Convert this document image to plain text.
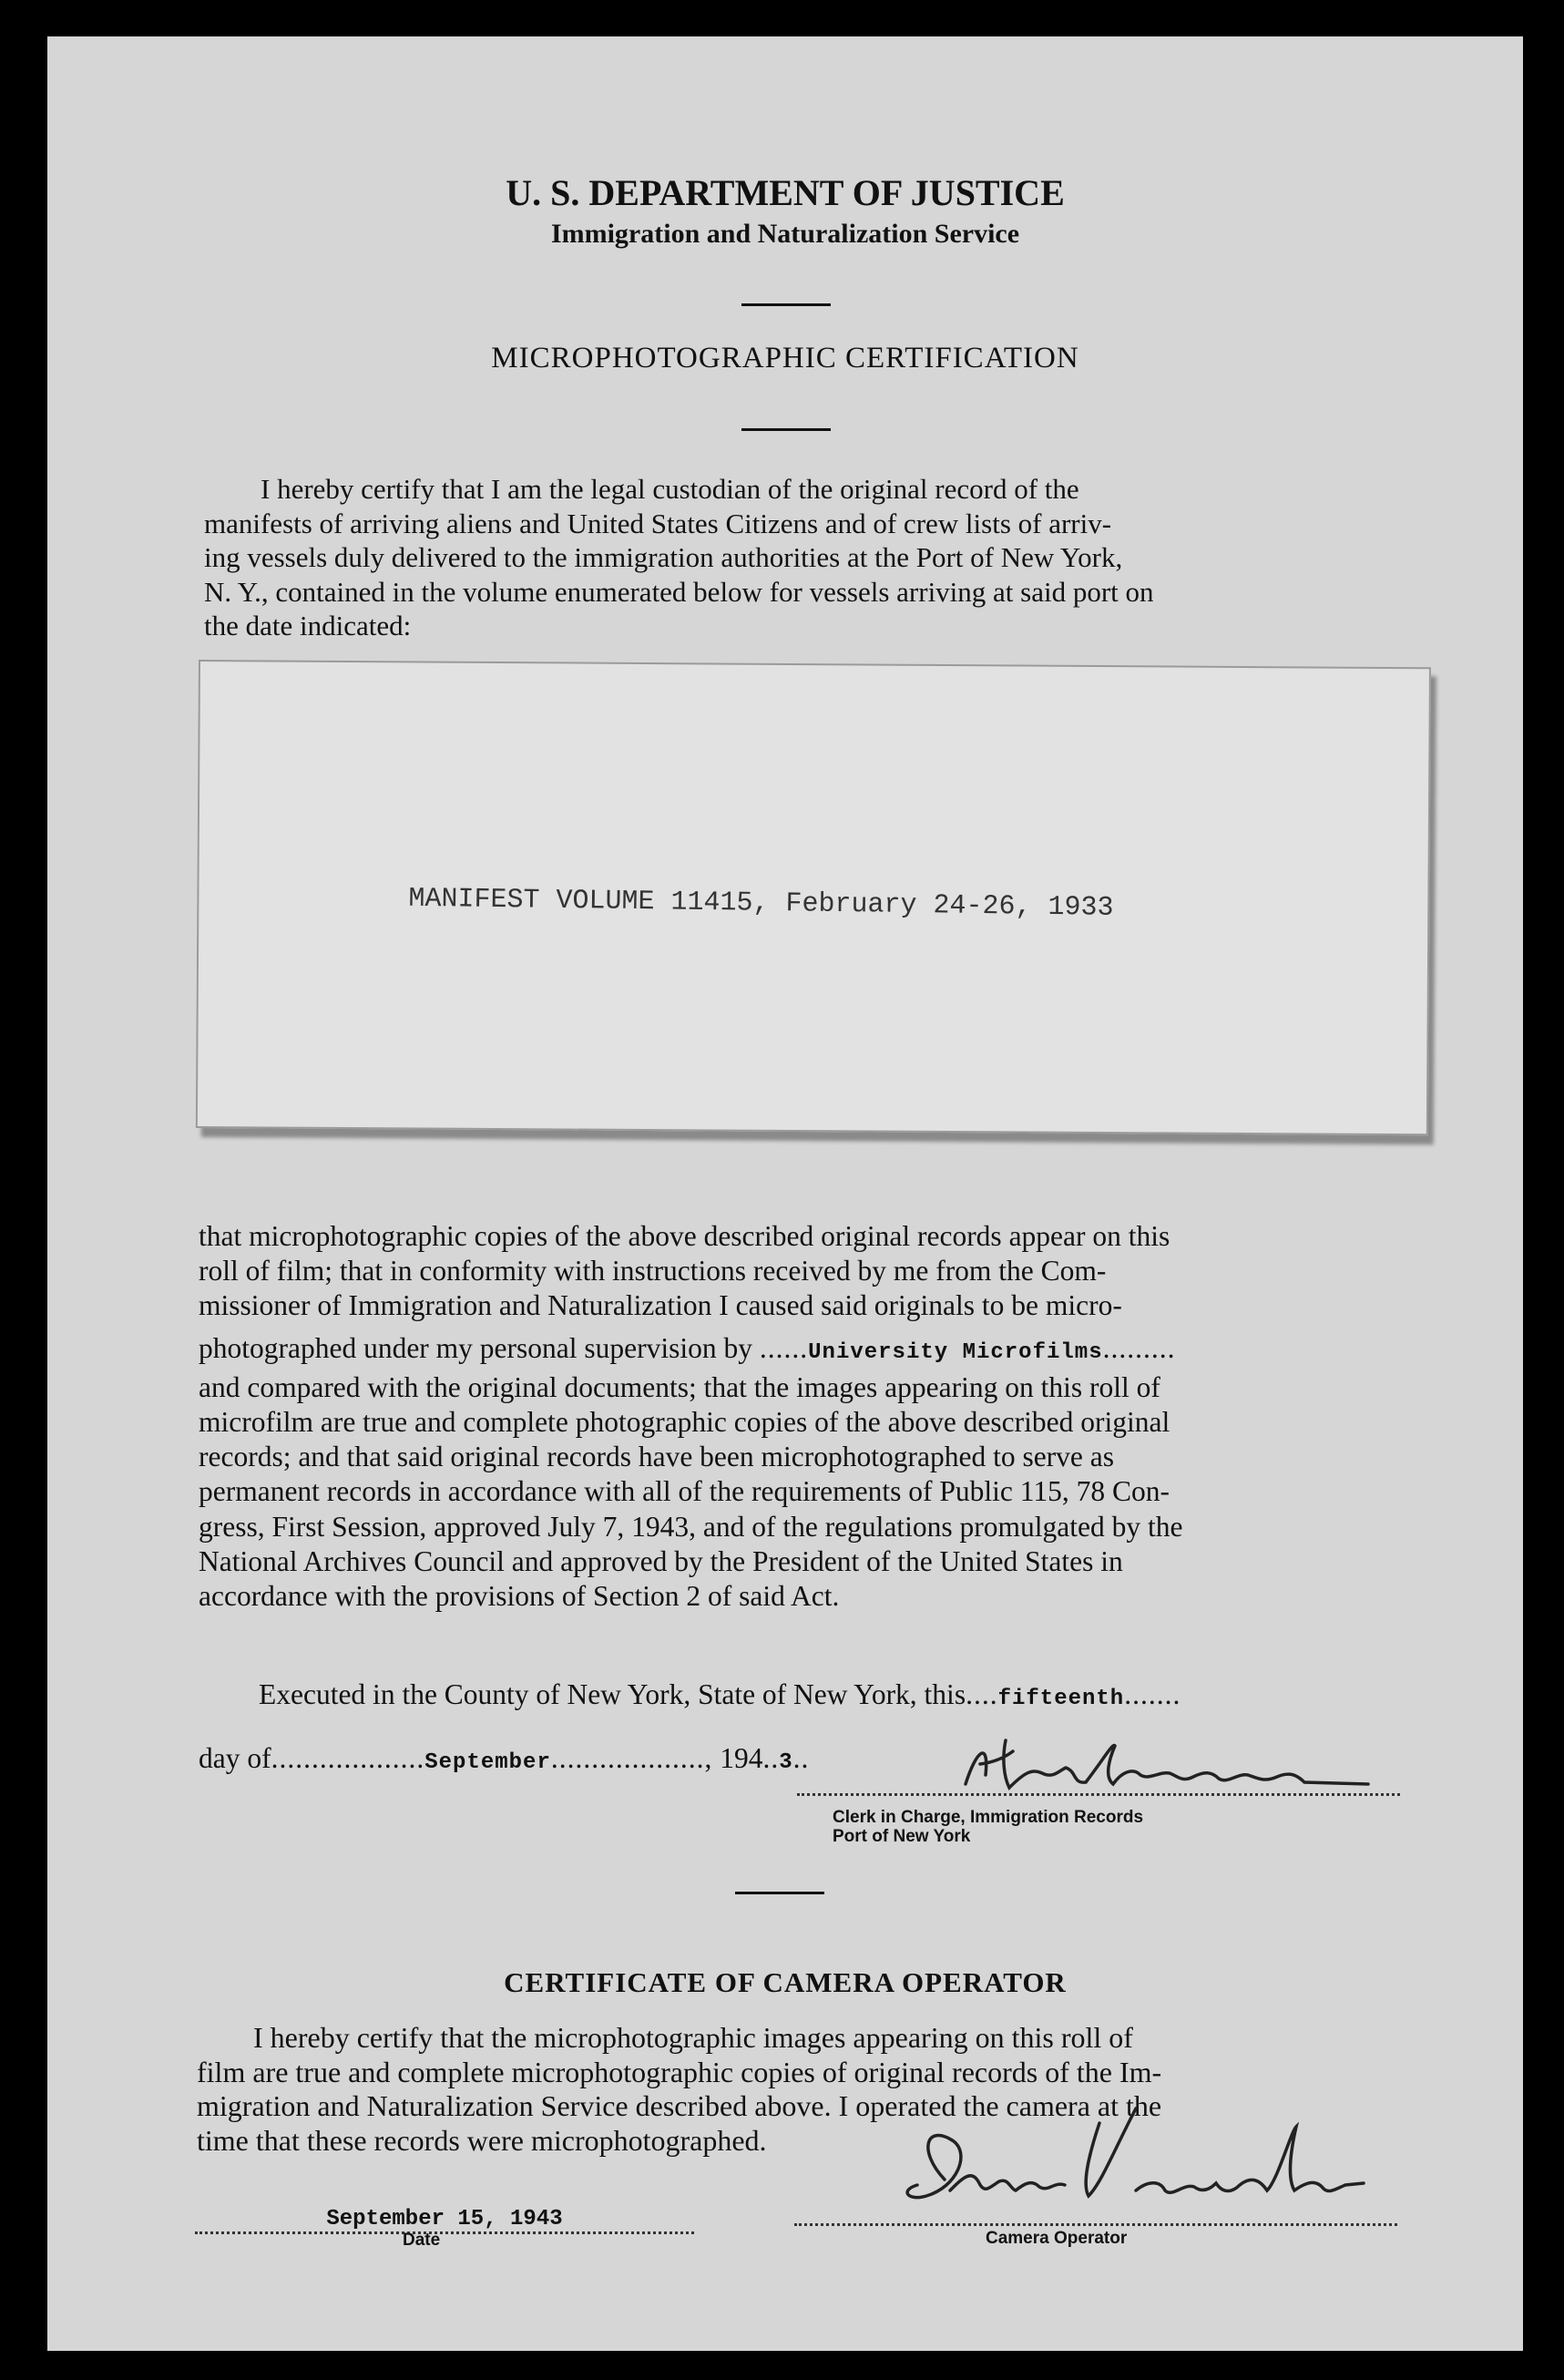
U. S. DEPARTMENT OF JUSTICE
Immigration and Naturalization Service
MICROPHOTOGRAPHIC CERTIFICATION
I hereby certify that I am the legal custodian of the original record of the
manifests of arriving aliens and United States Citizens and of crew lists of arriv-
ing vessels duly delivered to the immigration authorities at the Port of New York,
N. Y., contained in the volume enumerated below for vessels arriving at said port on
the date indicated:
MANIFEST VOLUME 11415, February 24-26, 1933
that microphotographic copies of the above described original records appear on this
roll of film; that in conformity with instructions received by me from the Com-
missioner of Immigration and Naturalization I caused said originals to be micro-
photographed under my personal supervision by ......University Microfilms.........
and compared with the original documents; that the images appearing on this roll of
microfilm are true and complete photographic copies of the above described original
records; and that said original records have been microphotographed to serve as
permanent records in accordance with all of the requirements of Public 115, 78 Con-
gress, First Session, approved July 7, 1943, and of the regulations promulgated by the
National Archives Council and approved by the President of the United States in
accordance with the provisions of Section 2 of said Act.
Executed in the County of New York, State of New York, this....fifteenth.......
day of...................September..................., 194..3..
Clerk in Charge, Immigration Records
Port of New York
CERTIFICATE OF CAMERA OPERATOR
I hereby certify that the microphotographic images appearing on this roll of
film are true and complete microphotographic copies of original records of the Im-
migration and Naturalization Service described above. I operated the camera at the
time that these records were microphotographed.
September 15, 1943
Date	Camera Operator
